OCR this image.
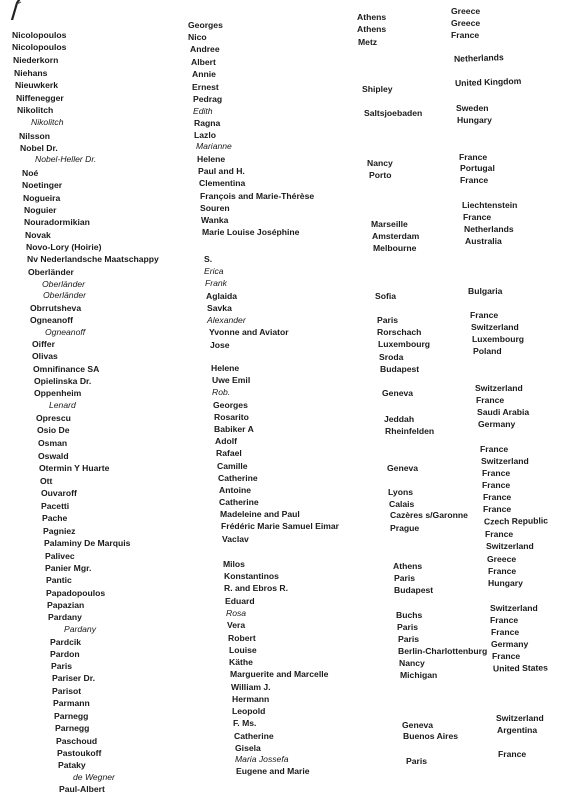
Nicolopoulos
Nicolopoulos
Niederkorn
Niehans
Nieuwkerk
Niffenegger
Nikolitch
Nikolitch
Nilsson
Nobel Dr.
Nobel-Heller Dr.
Noé
Noetinger
Nogueira
Noguier
Nouradormikian
Novak
Novo-Lory (Hoirie)
Nv Nederlandsche Maatschappy
Oberländer
Oberländer
Oberländer
Obrrutsheva
Ogneanoff
Ogneanoff
Oiffer
Olivas
Omnifinance SA
Opielinska Dr.
Oppenheim
Lenard
Oprescu
Osio De
Osman
Oswald
Otermin Y Huarte
Ott
Ouvaroff
Pacetti
Pache
Pagniez
Palaminy De Marquis
Palivec
Panier Mgr.
Pantic
Papadopoulos
Papazian
Pardany
Pardany
Pardcik
Pardon
Paris
Pariser Dr.
Parisot
Parmann
Parnegg
Parnegg
Paschoud
Pastoukoff
Pataky
de Wegner
Paul-Albert
Georges
Nico
Andree
Albert
Annie
Ernest
Pedrag
Edith
Ragna
Lazlo
Marianne
Helene
Paul and H.
Clementina
François and Marie-Thérèse
Souren
Wanka
Marie Louise Joséphine
S.
Erica
Frank
Aglaida
Savka
Alexander
Yvonne and Aviator
Jose
Helene
Uwe Emil
Rob.
Georges
Rosarito
Babiker A
Adolf
Rafael
Camille
Catherine
Antoine
Catherine
Madeleine and Paul
Frédéric Marie Samuel Eimar
Vaclav
Milos
Konstantinos
R. and Ebros R.
Eduard
Rosa
Vera
Robert
Louise
Käthe
Marguerite and Marcelle
William J.
Hermann
Leopold
F. Ms.
Catherine
Gisela
Maria Jossefa
Eugene and Marie
Athens
Athens
Metz
Shipley
Saltsjoebaden
Nancy
Porto
Marseille
Amsterdam
Melbourne
Sofia
Paris
Rorschach
Luxembourg
Sroda
Budapest
Geneva
Jeddah
Rheinfelden
Geneva
Lyons
Calais
Cazères s/Garonne
Prague
Athens
Paris
Budapest
Buchs
Paris
Paris
Berlin-Charlottenburg
Nancy
Michigan
Geneva
Buenos Aires
Paris
Greece
Greece
France
Netherlands
United Kingdom
Sweden
Hungary
France
Portugal
France
Liechtenstein
France
Netherlands
Australia
Bulgaria
France
Switzerland
Luxembourg
Poland
Switzerland
France
Saudi Arabia
Germany
France
Switzerland
France
France
France
France
Czech Republic
France
Switzerland
Greece
France
Hungary
Switzerland
France
France
Germany
France
United States
Switzerland
Argentina
France
